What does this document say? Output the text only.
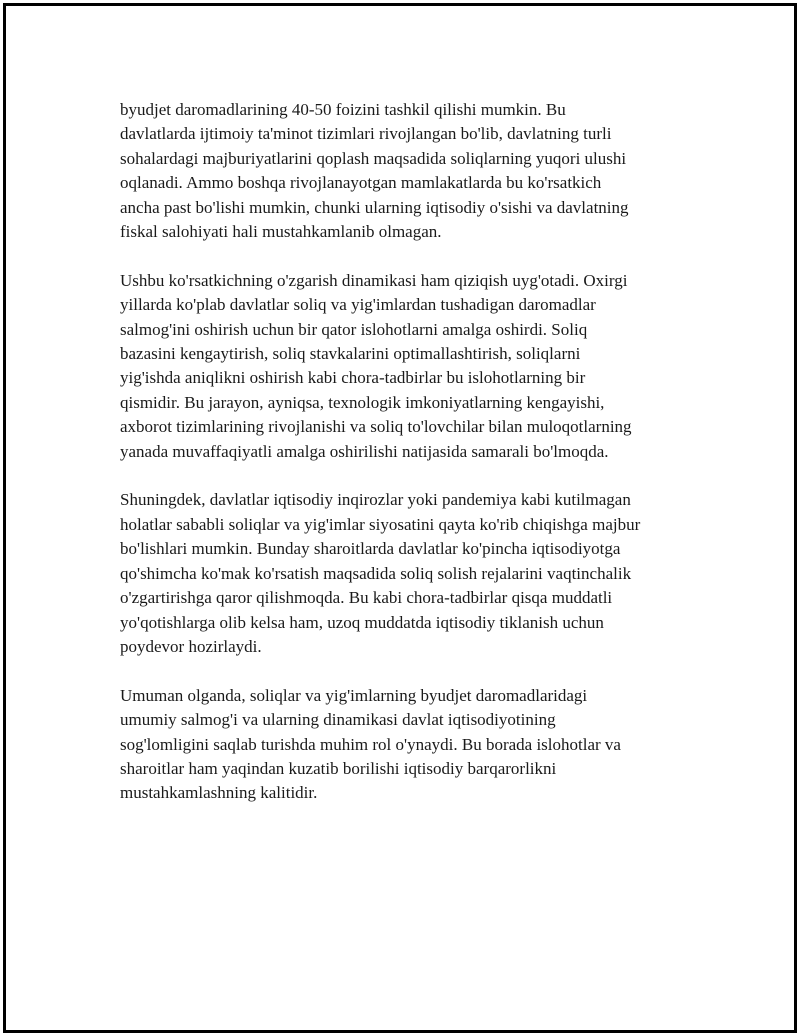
byudjet daromadlarining 40-50 foizini tashkil qilishi mumkin. Bu
davlatlarda ijtimoiy ta'minot tizimlari rivojlangan bo'lib, davlatning turli
sohalardagi majburiyatlarini qoplash maqsadida soliqlarning yuqori ulushi
oqlanadi. Ammo boshqa rivojlanayotgan mamlakatlarda bu ko'rsatkich
ancha past bo'lishi mumkin, chunki ularning iqtisodiy o'sishi va davlatning
fiskal salohiyati hali mustahkamlanib olmagan.

Ushbu ko'rsatkichning o'zgarish dinamikasi ham qiziqish uyg'otadi. Oxirgi
yillarda ko'plab davlatlar soliq va yig'imlardan tushadigan daromadlar
salmog'ini oshirish uchun bir qator islohotlarni amalga oshirdi. Soliq
bazasini kengaytirish, soliq stavkalarini optimallashtirish, soliqlarni
yig'ishda aniqlikni oshirish kabi chora-tadbirlar bu islohotlarning bir
qismidir. Bu jarayon, ayniqsa, texnologik imkoniyatlarning kengayishi,
axborot tizimlarining rivojlanishi va soliq to'lovchilar bilan muloqotlarning
yanada muvaffaqiyatli amalga oshirilishi natijasida samarali bo'lmoqda.

Shuningdek, davlatlar iqtisodiy inqirozlar yoki pandemiya kabi kutilmagan
holatlar sababli soliqlar va yig'imlar siyosatini qayta ko'rib chiqishga majbur
bo'lishlari mumkin. Bunday sharoitlarda davlatlar ko'pincha iqtisodiyotga
qo'shimcha ko'mak ko'rsatish maqsadida soliq solish rejalarini vaqtinchalik
o'zgartirishga qaror qilishmoqda. Bu kabi chora-tadbirlar qisqa muddatli
yo'qotishlarga olib kelsa ham, uzoq muddatda iqtisodiy tiklanish uchun
poydevor hozirlaydi.

Umuman olganda, soliqlar va yig'imlarning byudjet daromadlaridagi
umumiy salmog'i va ularning dinamikasi davlat iqtisodiyotining
sog'lomligini saqlab turishda muhim rol o'ynaydi. Bu borada islohotlar va
sharoitlar ham yaqindan kuzatib borilishi iqtisodiy barqarorlikni
mustahkamlashning kalitidir.
